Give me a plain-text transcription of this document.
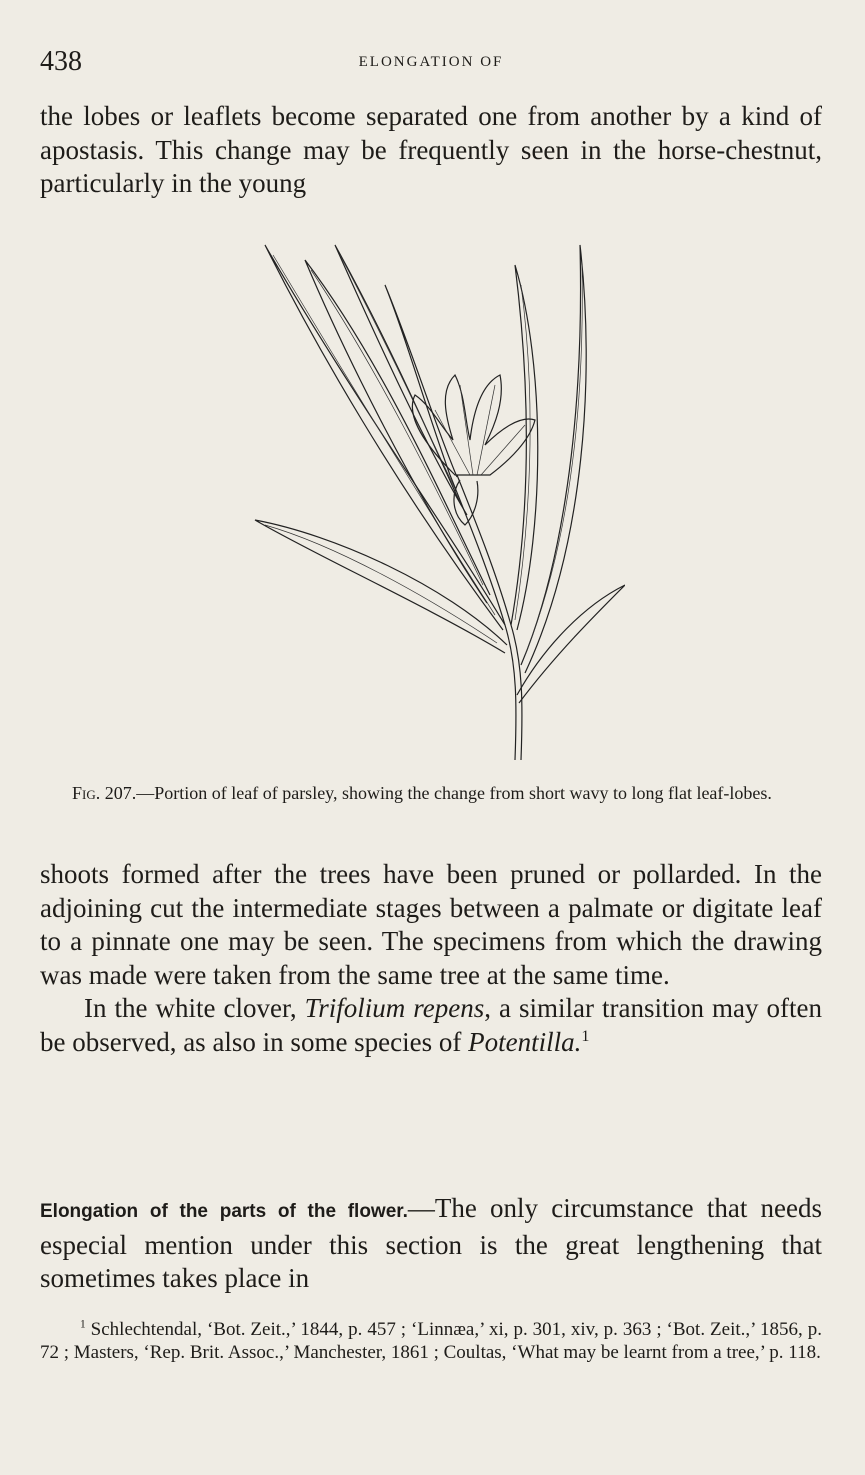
438	ELONGATION OF

the lobes or leaflets become separated one from another by a kind of apostasis. This change may be frequently seen in the horse-chestnut, particularly in the young

Fig. 207.—Portion of leaf of parsley, showing the change from short wavy to long flat leaf-lobes.

shoots formed after the trees have been pruned or pollarded. In the adjoining cut the intermediate stages between a palmate or digitate leaf to a pinnate one may be seen. The specimens from which the drawing was made were taken from the same tree at the same time.

In the white clover, Trifolium repens, a similar transition may often be observed, as also in some species of Potentilla.$^1$

Elongation of the parts of the flower.—The only circumstance that needs especial mention under this section is the great lengthening that sometimes takes place in

$^1$ Schlechtendal, ‘Bot. Zeit.,’ 1844, p. 457 ; ‘Linnæa,’ xi, p. 301, xiv, p. 363 ; ‘Bot. Zeit.,’ 1856, p. 72 ; Masters, ‘Rep. Brit. Assoc.,’ Manchester, 1861 ; Coultas, ‘What may be learnt from a tree,’ p. 118.
